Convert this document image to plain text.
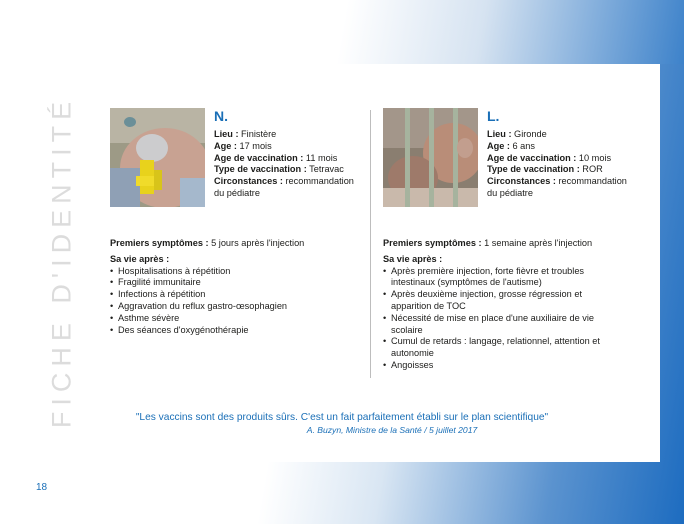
FICHE D'IDENTITÉ	N.
Lieu : Finistère
Age : 17 mois
Age de vaccination : 11 mois
Type de vaccination : Tetravac
Circonstances : recommandation
du pédiatre
Premiers symptômes : 5 jours après l'injection
Sa vie après :
• Hospitalisations à répétition
• Fragilité immunitaire
• Infections à répétition
• Aggravation du reflux gastro-œsophagien
• Asthme sévère
• Des séances d'oxygénothérapie
L.
Lieu : Gironde
Age : 6 ans
Age de vaccination : 10 mois
Type de vaccination : ROR
Circonstances : recommandation
du pédiatre
Premiers symptômes : 1 semaine après l'injection
Sa vie après :
• Après première injection, forte fièvre et troubles intestinaux (symptômes de l'autisme)
• Après deuxième injection, grosse régression et apparition de TOC
• Nécessité de mise en place d'une auxiliaire de vie scolaire
• Cumul de retards : langage, relationnel, attention et autonomie
• Angoisses
"Les vaccins sont des produits sûrs. C'est un fait parfaitement établi sur le plan scientifique"
A. Buzyn, Ministre de la Santé / 5 juillet 2017
18
